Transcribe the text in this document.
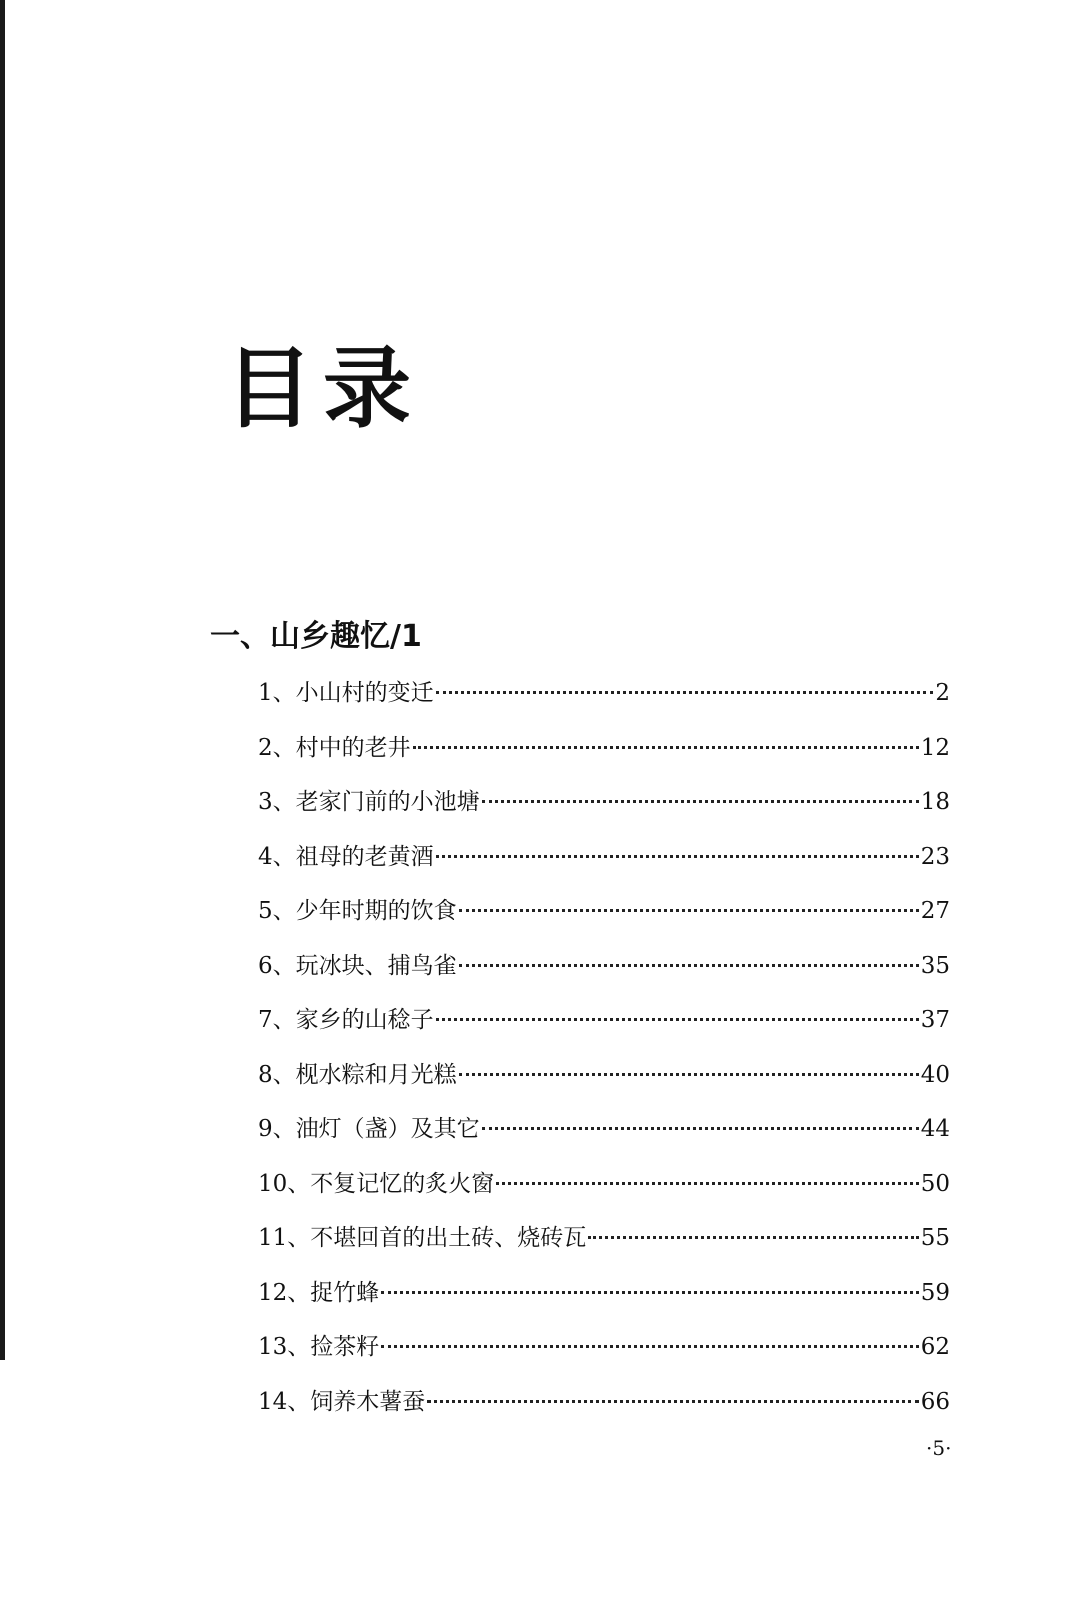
目录
一、山乡趣忆/1
1、小山村的变迁	2
2、村中的老井	12
3、老家门前的小池塘	18
4、祖母的老黄酒	23
5、少年时期的饮食	27
6、玩冰块、捕鸟雀	35
7、家乡的山稔子	37
8、枧水粽和月光糕	40
9、油灯（盏）及其它	44
10、不复记忆的炙火窗	50
11、不堪回首的出土砖、烧砖瓦	55
12、捉竹蜂	59
13、捡茶籽	62
14、饲养木薯蚕	66
·5·
